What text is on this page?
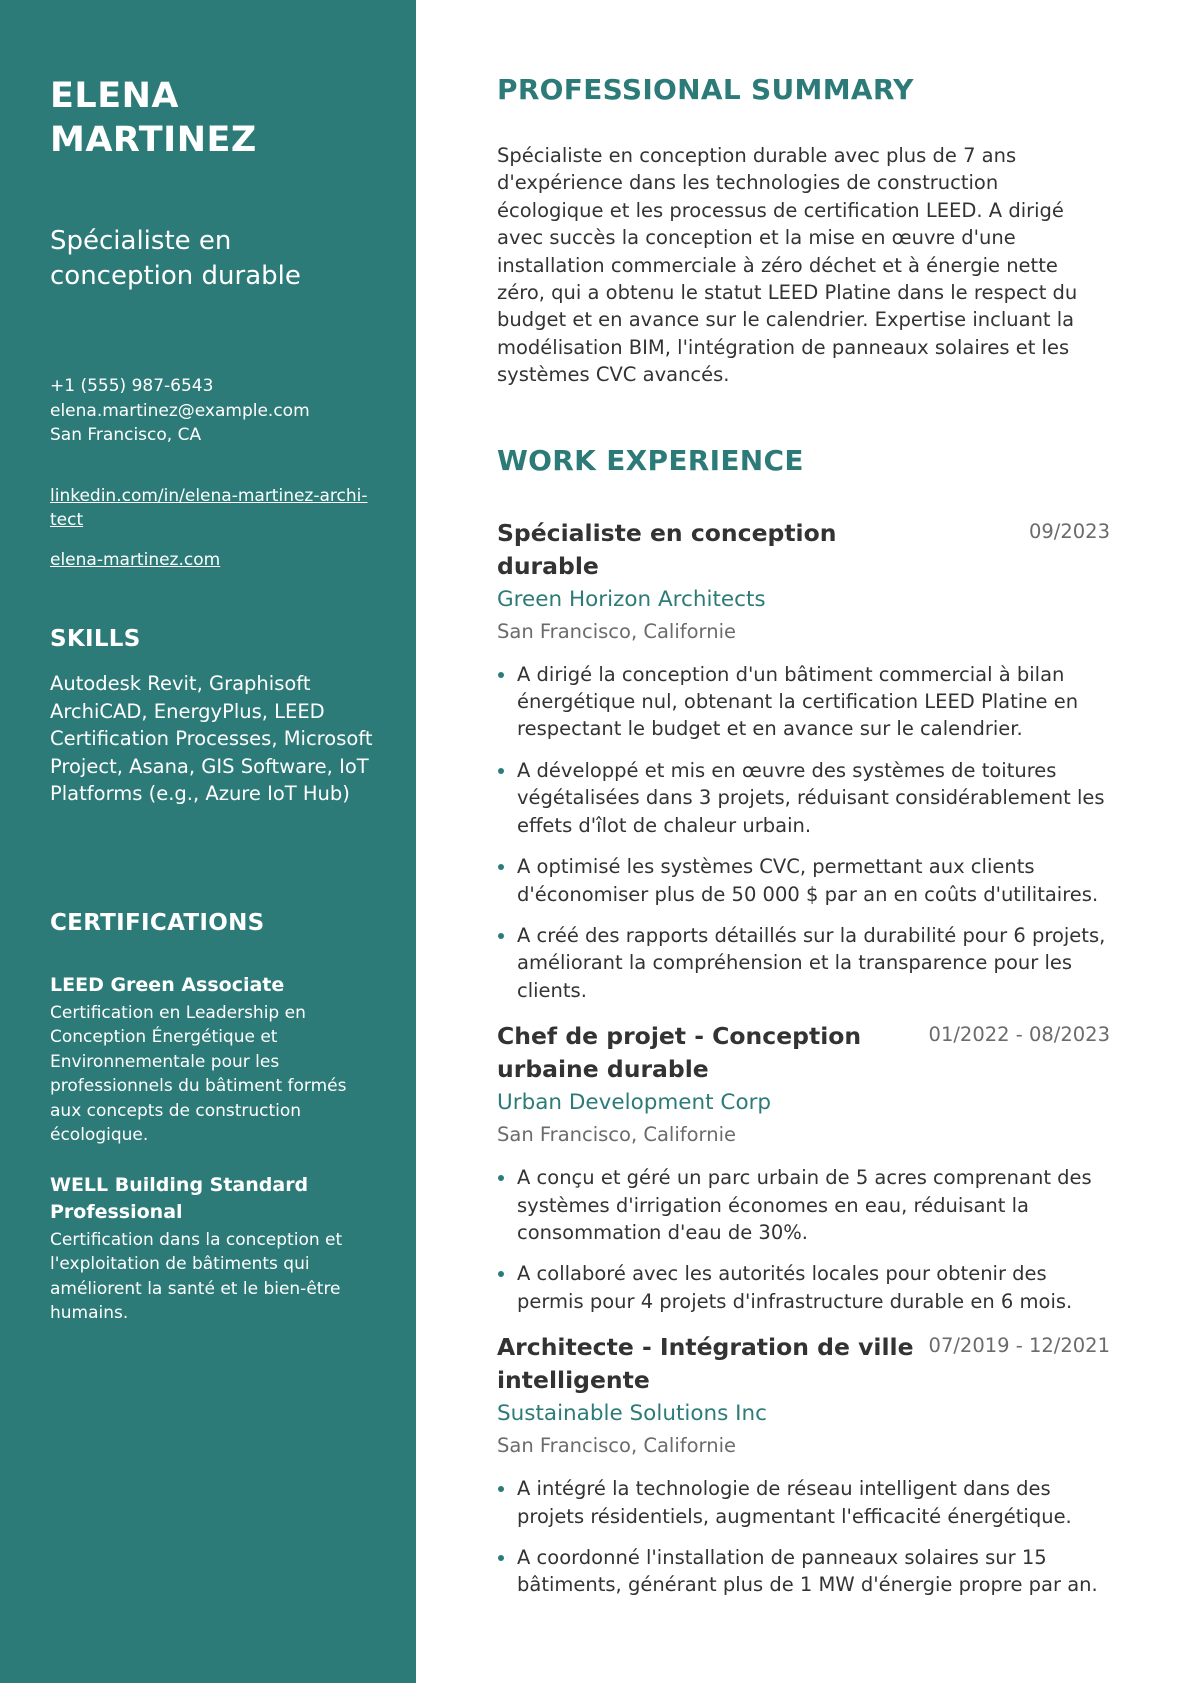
ELENA MARTINEZ
Spécialiste en conception durable
+1 (555) 987-6543
elena.martinez@example.com
San Francisco, CA
linkedin.com/in/elena-martinez-archi-tect
elena-martinez.com
SKILLS
Autodesk Revit, Graphisoft ArchiCAD, EnergyPlus, LEED Certification Processes, Microsoft Project, Asana, GIS Software, IoT Platforms (e.g., Azure IoT Hub)
CERTIFICATIONS
LEED Green Associate
Certification en Leadership en Conception Énergétique et Environnementale pour les professionnels du bâtiment formés aux concepts de construction écologique.
WELL Building Standard Professional
Certification dans la conception et l'exploitation de bâtiments qui améliorent la santé et le bien-être humains.
PROFESSIONAL SUMMARY

Spécialiste en conception durable avec plus de 7 ans d'expérience dans les technologies de construction écologique et les processus de certification LEED. A dirigé avec succès la conception et la mise en œuvre d'une installation commerciale à zéro déchet et à énergie nette zéro, qui a obtenu le statut LEED Platine dans le respect du budget et en avance sur le calendrier. Expertise incluant la modélisation BIM, l'intégration de panneaux solaires et les systèmes CVC avancés.

WORK EXPERIENCE
Spécialiste en conception durable
09/2023
Green Horizon Architects
San Francisco, Californie
A dirigé la conception d'un bâtiment commercial à bilan énergétique nul, obtenant la certification LEED Platine en respectant le budget et en avance sur le calendrier.
A développé et mis en œuvre des systèmes de toitures végétalisées dans 3 projets, réduisant considérablement les effets d'îlot de chaleur urbain.
A optimisé les systèmes CVC, permettant aux clients d'économiser plus de 50 000 $ par an en coûts d'utilitaires.
A créé des rapports détaillés sur la durabilité pour 6 projets, améliorant la compréhension et la transparence pour les clients.
Chef de projet - Conception urbaine durable
01/2022 - 08/2023
Urban Development Corp
San Francisco, Californie
A conçu et géré un parc urbain de 5 acres comprenant des systèmes d'irrigation économes en eau, réduisant la consommation d'eau de 30%.
A collaboré avec les autorités locales pour obtenir des permis pour 4 projets d'infrastructure durable en 6 mois.
Architecte - Intégration de ville intelligente
07/2019 - 12/2021
Sustainable Solutions Inc
San Francisco, Californie
A intégré la technologie de réseau intelligent dans des projets résidentiels, augmentant l'efficacité énergétique.
A coordonné l'installation de panneaux solaires sur 15 bâtiments, générant plus de 1 MW d'énergie propre par an.
